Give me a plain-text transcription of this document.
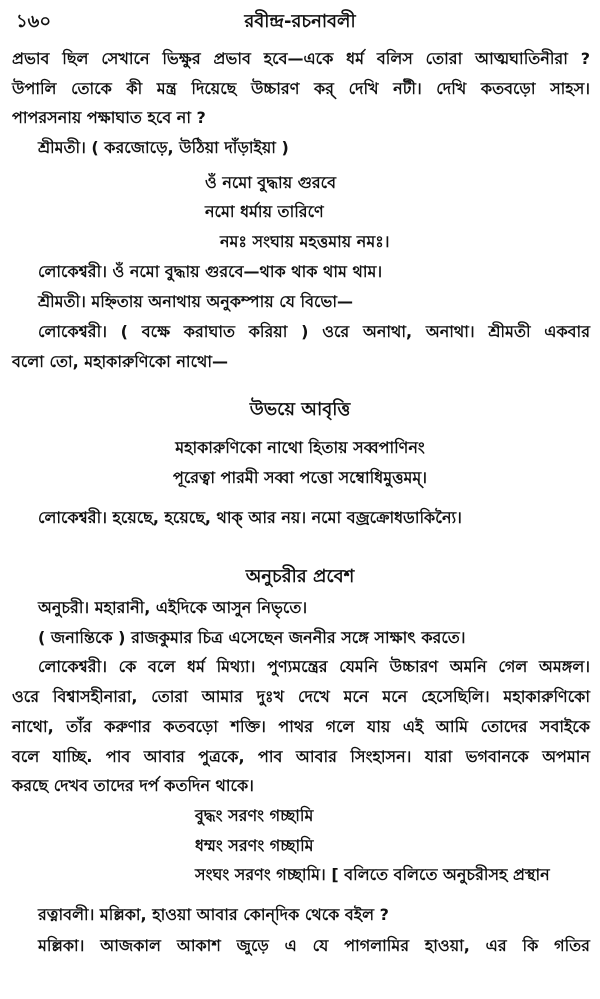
১৬০	রবীন্দ্র-রচনাবলী
প্রভাব ছিল সেখানে ভিক্ষুর প্রভাব হবে—একে ধর্ম বলিস তোরা আত্মঘাতিনীরা ?
উপালি তোকে কী মন্ত্র দিয়েছে উচ্চারণ কর্ দেখি নটী। দেখি কতবড়ো সাহস।
পাপরসনায় পক্ষাঘাত হবে না ?
শ্রীমতী। ( করজোড়ে, উঠিয়া দাঁড়াইয়া )
ওঁ নমো বুদ্ধায় গুরবে
নমো ধর্মায় তারিণে
নমঃ সংঘায় মহত্তমায় নমঃ।
লোকেশ্বরী। ওঁ নমো বুদ্ধায় গুরবে—থাক থাক থাম থাম।
শ্রীমতী। মহ্নিতায় অনাথায় অনুকম্পায় যে বিভো—
লোকেশ্বরী। ( বক্ষে করাঘাত করিয়া ) ওরে অনাথা, অনাথা। শ্রীমতী একবার
বলো তো, মহাকারুণিকো নাথো—
উভয়ে আবৃত্তি
মহাকারুণিকো নাথো হিতায় সব্বপাণিনং
পূরেত্বা পারমী সব্বা পত্তো সম্বোধিমুত্তমম্।
লোকেশ্বরী। হয়েছে, হয়েছে, থাক্ আর নয়। নমো বজ্রক্রোধডাকিন্যৈ।
অনুচরীর প্রবেশ
অনুচরী। মহারানী, এইদিকে আসুন নিভৃতে।
( জনান্তিকে ) রাজকুমার চিত্র এসেছেন জননীর সঙ্গে সাক্ষাৎ করতে।
লোকেশ্বরী। কে বলে ধর্ম মিথ্যা। পুণ্যমন্ত্রের যেমনি উচ্চারণ অমনি গেল অমঙ্গল।
ওরে বিশ্বাসহীনারা, তোরা আমার দুঃখ দেখে মনে মনে হেসেছিলি। মহাকারুণিকো
নাথো, তাঁর করুণার কতবড়ো শক্তি। পাথর গলে যায় এই আমি তোদের সবাইকে
বলে যাচ্ছি. পাব আবার পুত্রকে, পাব আবার সিংহাসন। যারা ভগবানকে অপমান
করছে দেখব তাদের দর্প কতদিন থাকে।
বুদ্ধং সরণং গচ্ছামি
ধম্মং সরণং গচ্ছামি
সংঘং সরণং গচ্ছামি। [ বলিতে বলিতে অনুচরীসহ প্রস্থান
রত্নাবলী। মল্লিকা, হাওয়া আবার কোন্‌দিক থেকে বইল ?
মল্লিকা। আজকাল আকাশ জুড়ে এ যে পাগলামির হাওয়া, এর কি গতির
